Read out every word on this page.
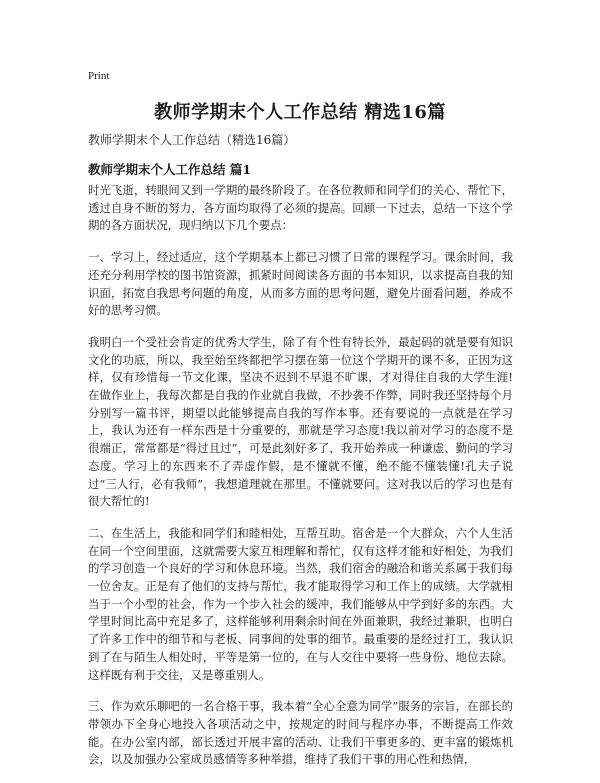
Print
教师学期末个人工作总结 精选16篇

教师学期末个人工作总结（精选16篇）

教师学期末个人工作总结 篇1

时光飞逝，转眼间又到一学期的最终阶段了。在各位教师和同学们的关心、帮忙下，透过自身不断的努力，各方面均取得了必须的提高。回顾一下过去，总结一下这个学期的各方面状况，现归纳以下几个要点：

一、学习上，经过适应，这个学期基本上都已习惯了日常的课程学习。课余时间，我还充分利用学校的图书馆资源，抓紧时间阅读各方面的书本知识，以求提高自我的知识面，拓宽自我思考问题的角度，从而多方面的思考问题，避免片面看问题，养成不好的思考习惯。

我明白一个受社会肯定的优秀大学生，除了有个性有特长外，最起码的就是要有知识文化的功底，所以，我至始至终都把学习摆在第一位这个学期开的课不多，正因为这样，仅有珍惜每一节文化课，坚决不迟到不早退不旷课，才对得住自我的大学生涯!在做作业上，我每次都是自我的作业就自我做，不抄袭不作弊，同时我还坚持每个月分别写一篇书评，期望以此能够提高自我的写作本事。还有要说的一点就是在学习上，我认为还有一样东西是十分重要的，那就是学习态度!我以前对学习的态度不是很端正，常常都是“得过且过”，可是此刻好多了，我开始养成一种谦虚、勤问的学习态度。学习上的东西来不了弄虚作假，是不懂就不懂，绝不能不懂装懂!孔夫子说过“三人行，必有我师”，我想道理就在那里。不懂就要问。这对我以后的学习也是有很大帮忙的!

二、在生活上，我能和同学们和睦相处，互帮互助。宿舍是一个大群众，六个人生活在同一个空间里面，这就需要大家互相理解和帮忙，仅有这样才能和好相处，为我们的学习创造一个良好的学习和休息环境。当然，我们宿舍的融洽和谐关系属于我们每一位舍友。正是有了他们的支持与帮忙，我才能取得学习和工作上的成绩。大学就相当于一个小型的社会，作为一个步入社会的缓冲，我们能够从中学到好多的东西。大学里时间比高中充足多了，这样能够利用剩余时间在外面兼职，我经过兼职，也明白了许多工作中的细节和与老板、同事间的处事的细节。最重要的是经过打工，我认识到了在与陌生人相处时，平等是第一位的，在与人交往中要将一些身份、地位去除。这样既有利于交往，又是尊重别人。

三、作为欢乐聊吧的一名合格干事，我本着“全心全意为同学”服务的宗旨，在部长的带领办下全身心地投入各项活动之中，按规定的时间与程序办事，不断提高工作效能。在办公室内部，部长透过开展丰富的活动、让我们干事更多的、更丰富的锻炼机会，以及加强办公室成员感情等多种举措，维持了我们干事的用心性和热情，
